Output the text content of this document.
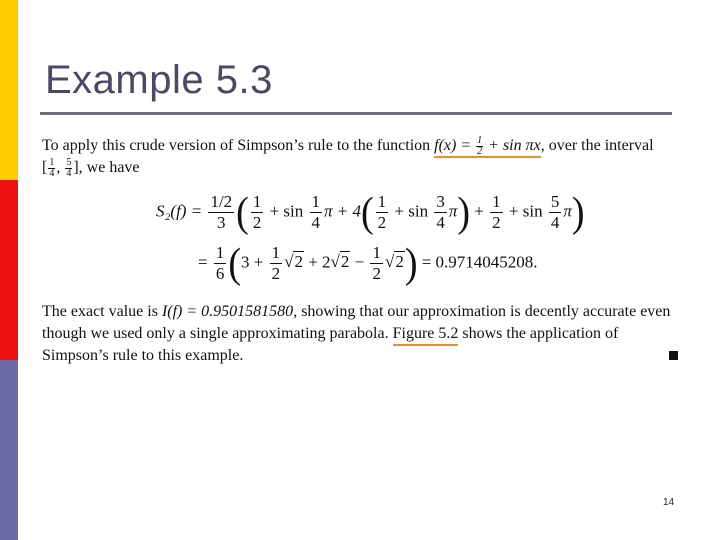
Example 5.3
To apply this crude version of Simpson’s rule to the function $f(x) = \frac{1}{2} + \sin \pi x$, over the interval
[ $\frac{1}{4}$ , $\frac{5}{4}$ ], we have
$S_2(f) = \frac{1/2}{3}$ ( $\frac{1}{2} + \sin \frac{1}{4}$ $\pi + 4( \frac{1}{2} + \sin \frac{3}{4} \pi) + \frac{1}{2} + \sin \frac{5}{4} \pi$)
= $\frac{1}{6} (3 + \frac{1}{2} √2 + 2√2 - \frac{1}{2} √2) = 0.9714045208$.
The exact value is I(f) = 0.9501581580, showing that our approximation is decently accurate even though we used only a single approximating parabola. Figure 5.2 shows the application of Simpson’s rule to this example.
14
